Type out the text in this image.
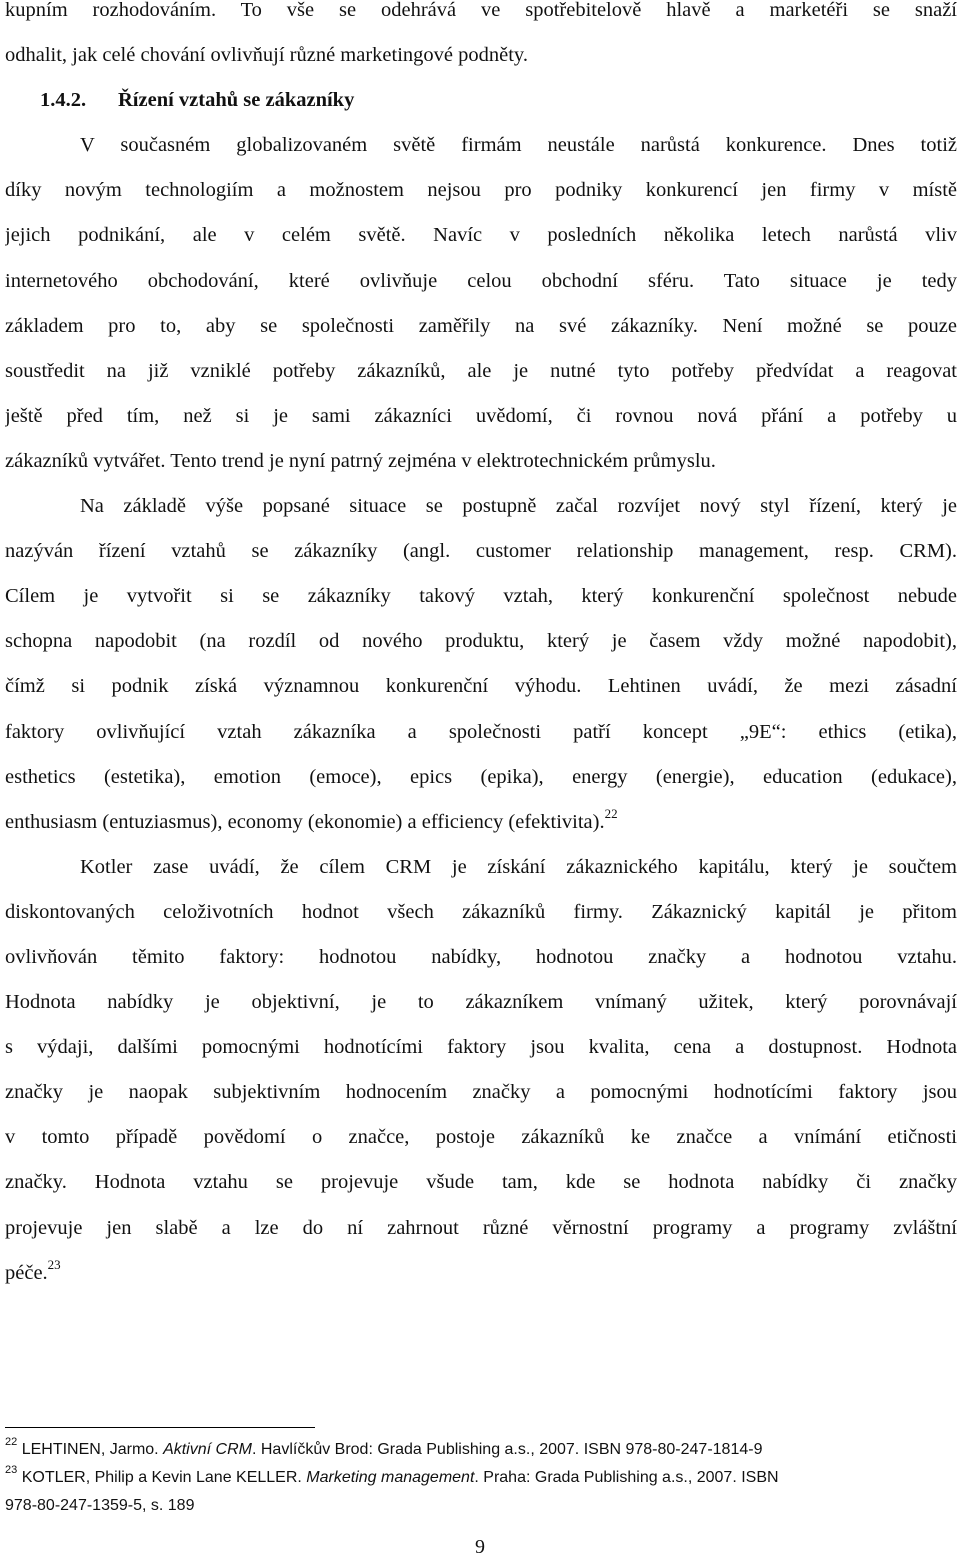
kupním rozhodováním. To vše se odehrává ve spotřebitelově hlavě a marketéři se snaží
odhalit, jak celé chování ovlivňují různé marketingové podněty.
1.4.2. Řízení vztahů se zákazníky
V současném globalizovaném světě firmám neustále narůstá konkurence. Dnes totiž
díky novým technologiím a možnostem nejsou pro podniky konkurencí jen firmy v místě
jejich podnikání, ale v celém světě. Navíc v posledních několika letech narůstá vliv
internetového obchodování, které ovlivňuje celou obchodní sféru. Tato situace je tedy
základem pro to, aby se společnosti zaměřily na své zákazníky. Není možné se pouze
soustředit na již vzniklé potřeby zákazníků, ale je nutné tyto potřeby předvídat a reagovat
ještě před tím, než si je sami zákazníci uvědomí, či rovnou nová přání a potřeby u
zákazníků vytvářet. Tento trend je nyní patrný zejména v elektrotechnickém průmyslu.
Na základě výše popsané situace se postupně začal rozvíjet nový styl řízení, který je
nazýván řízení vztahů se zákazníky (angl. customer relationship management, resp. CRM).
Cílem je vytvořit si se zákazníky takový vztah, který konkurenční společnost nebude
schopna napodobit (na rozdíl od nového produktu, který je časem vždy možné napodobit),
čímž si podnik získá významnou konkurenční výhodu. Lehtinen uvádí, že mezi zásadní
faktory ovlivňující vztah zákazníka a společnosti patří koncept „9E“: ethics (etika),
esthetics (estetika), emotion (emoce), epics (epika), energy (energie), education (edukace),
enthusiasm (entuziasmus), economy (ekonomie) a efficiency (efektivita).$^{22}$
Kotler zase uvádí, že cílem CRM je získání zákaznického kapitálu, který je součtem
diskontovaných celoživotních hodnot všech zákazníků firmy. Zákaznický kapitál je přitom
ovlivňován těmito faktory: hodnotou nabídky, hodnotou značky a hodnotou vztahu.
Hodnota nabídky je objektivní, je to zákazníkem vnímaný užitek, který porovnávají
s výdaji, dalšími pomocnými hodnotícími faktory jsou kvalita, cena a dostupnost. Hodnota
značky je naopak subjektivním hodnocením značky a pomocnými hodnotícími faktory jsou
v tomto případě povědomí o značce, postoje zákazníků ke značce a vnímání etičnosti
značky. Hodnota vztahu se projevuje všude tam, kde se hodnota nabídky či značky
projevuje jen slabě a lze do ní zahrnout různé věrnostní programy a programy zvláštní
péče.$^{23}$
$^{22}$ LEHTINEN, Jarmo. Aktivní CRM. Havlíčkův Brod: Grada Publishing a.s., 2007. ISBN 978-80-247-1814-9
$^{23}$ KOTLER, Philip a Kevin Lane KELLER. Marketing management. Praha: Grada Publishing a.s., 2007. ISBN
978-80-247-1359-5, s. 189
9
